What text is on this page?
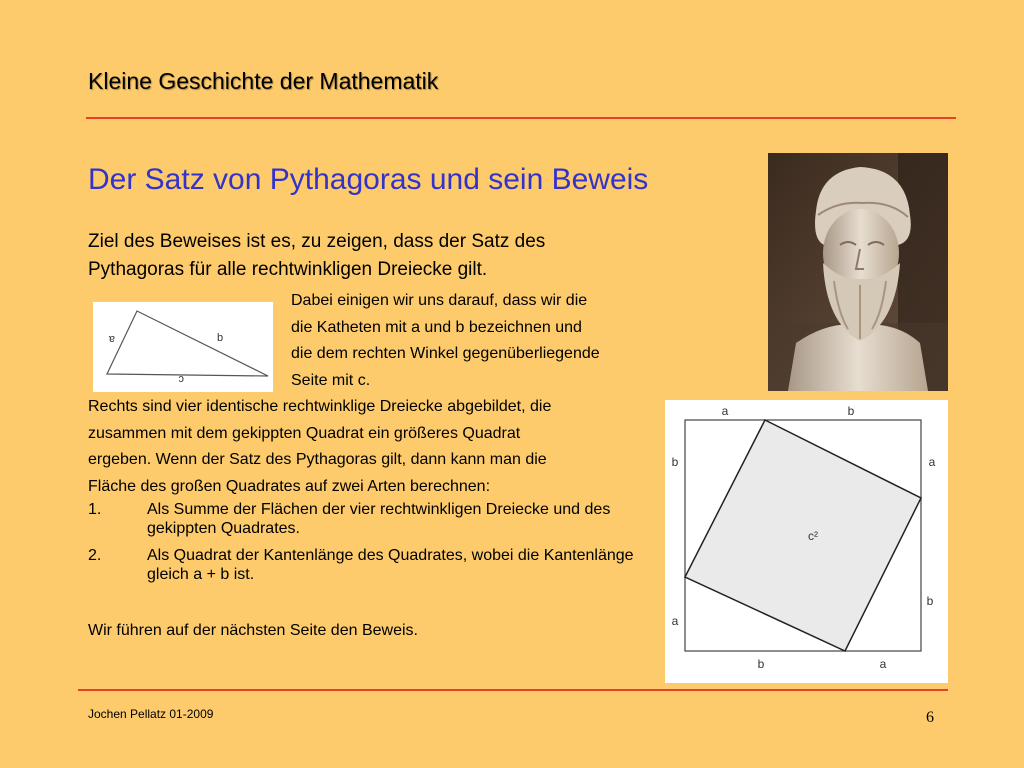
Kleine Geschichte der Mathematik
Der Satz von Pythagoras und sein Beweis
Ziel des Beweises ist es, zu zeigen, dass der Satz des
Pythagoras für alle rechtwinkligen Dreiecke gilt.
a	b
c
Dabei einigen wir uns darauf, dass wir die
die Katheten mit a und b bezeichnen und
die dem rechten Winkel gegenüberliegende
Seite mit c.
Rechts sind vier identische rechtwinklige Dreiecke abgebildet, die
zusammen mit dem gekippten Quadrat ein größeres Quadrat
ergeben. Wenn der Satz des Pythagoras gilt, dann kann man die
Fläche des großen Quadrates auf zwei Arten berechnen:
1.	Als Summe der Flächen der vier rechtwinkligen Dreiecke und des gekippten Quadrates.
2.	Als Quadrat der Kantenlänge des Quadrates, wobei die Kantenlänge gleich a + b ist.
Wir führen auf der nächsten Seite den Beweis.
a	b
b
a
a
b
b	a
c²
Jochen Pellatz 01-2009	6
